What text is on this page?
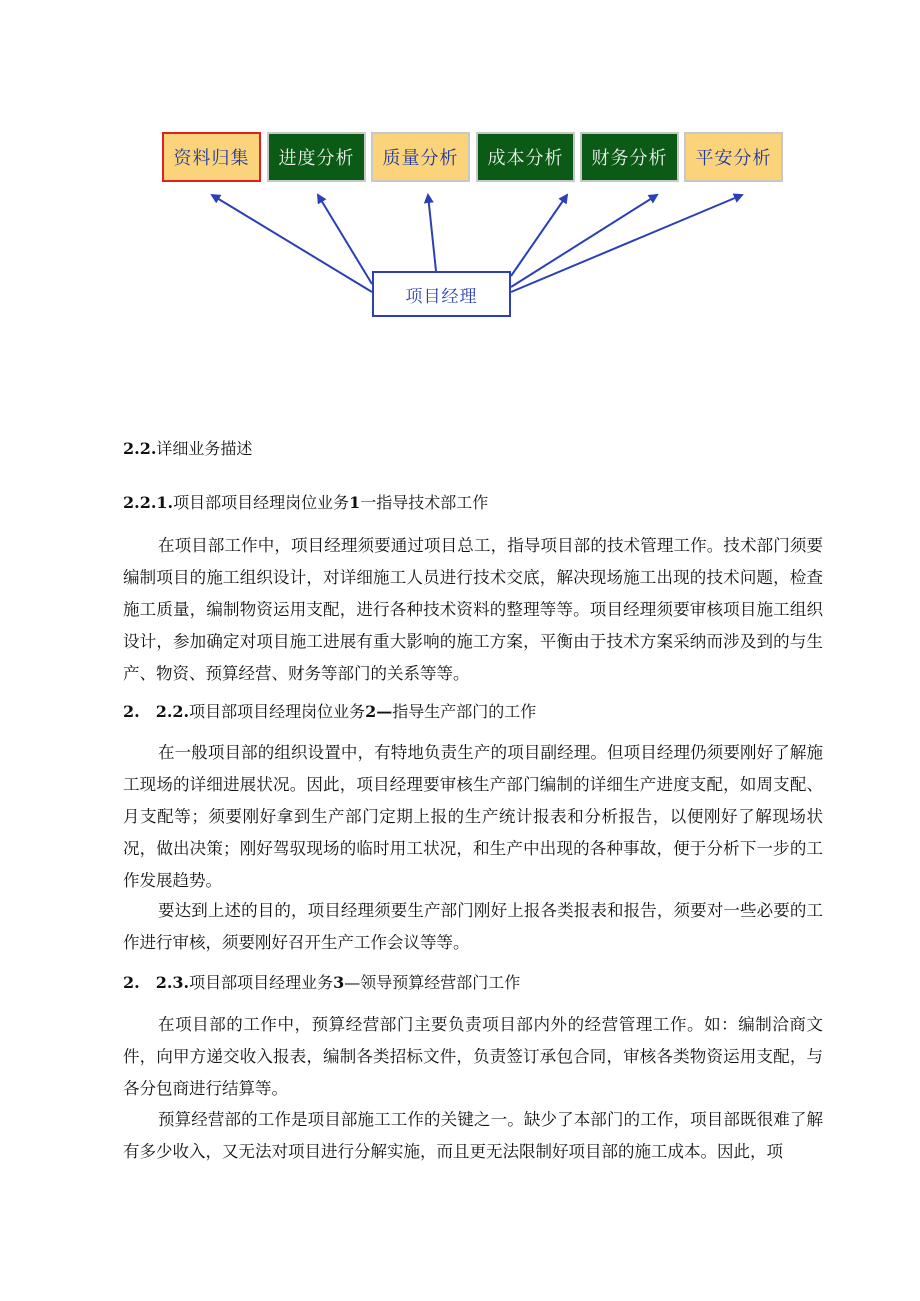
资料归集 进度分析 质量分析 成本分析 财务分析 平安分析
项目经理
2.2.详细业务描述
2.2.1.项目部项目经理岗位业务1一指导技术部工作

在项目部工作中，项目经理须要通过项目总工，指导项目部的技术管理工作。技术部门须要编制项目的施工组织设计，对详细施工人员进行技术交底，解决现场施工出现的技术问题，检查施工质量，编制物资运用支配，进行各种技术资料的整理等等。项目经理须要审核项目施工组织设计，参加确定对项目施工进展有重大影响的施工方案，平衡由于技术方案采纳而涉及到的与生产、物资、预算经营、财务等部门的关系等等。

2. 2.2.项目部项目经理岗位业务2—指导生产部门的工作

在一般项目部的组织设置中，有特地负责生产的项目副经理。但项目经理仍须要刚好了解施工现场的详细进展状况。因此，项目经理要审核生产部门编制的详细生产进度支配，如周支配、月支配等；须要刚好拿到生产部门定期上报的生产统计报表和分析报告，以便刚好了解现场状况，做出决策；刚好驾驭现场的临时用工状况，和生产中出现的各种事故，便于分析下一步的工作发展趋势。

要达到上述的目的，项目经理须要生产部门刚好上报各类报表和报告，须要对一些必要的工作进行审核，须要刚好召开生产工作会议等等。

2. 2.3.项目部项目经理业务3—领导预算经营部门工作

在项目部的工作中，预算经营部门主要负责项目部内外的经营管理工作。如：编制洽商文件，向甲方递交收入报表，编制各类招标文件，负责签订承包合同，审核各类物资运用支配，与各分包商进行结算等。

预算经营部的工作是项目部施工工作的关键之一。缺少了本部门的工作，项目部既很难了解有多少收入，又无法对项目进行分解实施，而且更无法限制好项目部的施工成本。因此，项
